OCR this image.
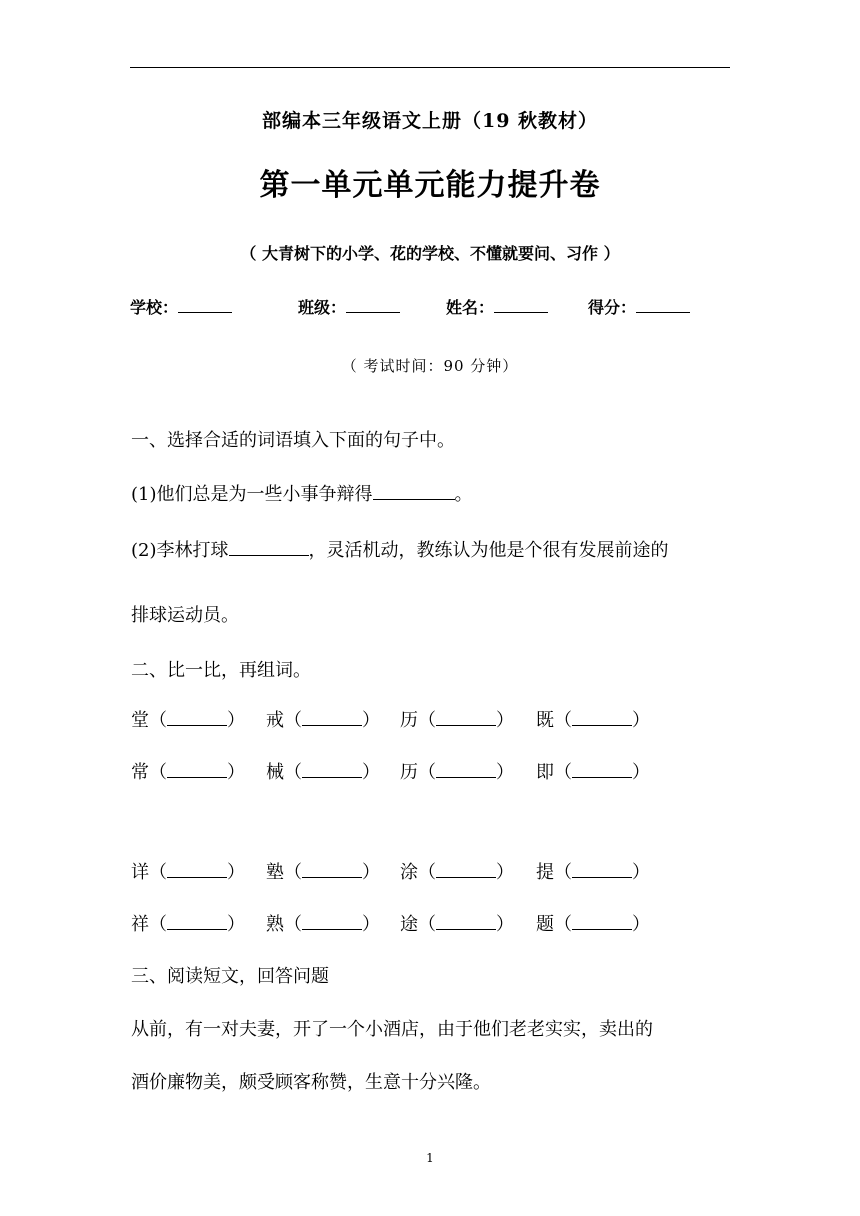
部编本三年级语文上册（19 秋教材）
第一单元单元能力提升卷
（ 大青树下的小学、花的学校、不懂就要问、习作 ）
学校：	班级：	姓名：	得分：
（ 考试时间：90 分钟）
一、选择合适的词语填入下面的句子中。
(1)他们总是为一些小事争辩得	。
(2)李林打球	，灵活机动，教练认为他是个很有发展前途的
排球运动员。
二、比一比，再组词。
堂（	） 戒（	） 历（	） 既（	）
常（	） 械（	） 历（	） 即（	）
详（	） 塾（	） 涂（	） 提（	）
祥（	） 熟（	） 途（	） 题（	）
三、阅读短文，回答问题
从前，有一对夫妻，开了一个小酒店，由于他们老老实实，卖出的
酒价廉物美，颇受顾客称赞，生意十分兴隆。
1
